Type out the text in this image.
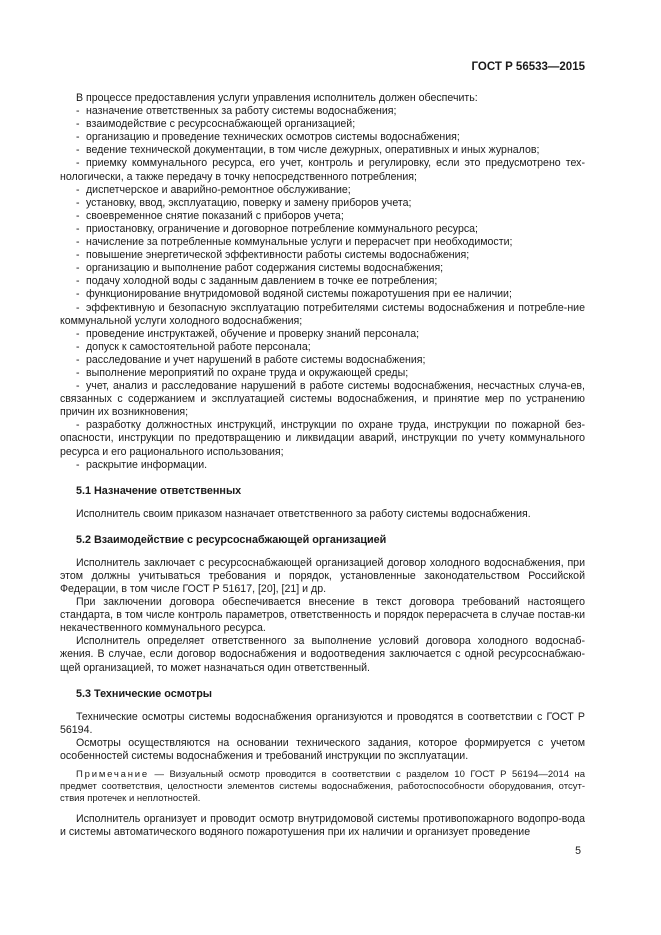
ГОСТ Р 56533—2015

В процессе предоставления услуги управления исполнитель должен обеспечить:

- назначение ответственных за работу системы водоснабжения;

- взаимодействие с ресурсоснабжающей организацией;

- организацию и проведение технических осмотров системы водоснабжения;

- ведение технической документации, в том числе дежурных, оперативных и иных журналов;

- приемку коммунального ресурса, его учет, контроль и регулировку, если это предусмотрено тех-нологически, а также передачу в точку непосредственного потребления;

- диспетчерское и аварийно-ремонтное обслуживание;

- установку, ввод, эксплуатацию, поверку и замену приборов учета;

- своевременное снятие показаний с приборов учета;

- приостановку, ограничение и договорное потребление коммунального ресурса;

- начисление за потребленные коммунальные услуги и перерасчет при необходимости;

- повышение энергетической эффективности работы системы водоснабжения;

- организацию и выполнение работ содержания системы водоснабжения;

- подачу холодной воды с заданным давлением в точке ее потребления;

- функционирование внутридомовой водяной системы пожаротушения при ее наличии;

- эффективную и безопасную эксплуатацию потребителями системы водоснабжения и потребле-ние коммунальной услуги холодного водоснабжения;

- проведение инструктажей, обучение и проверку знаний персонала;

- допуск к самостоятельной работе персонала;

- расследование и учет нарушений в работе системы водоснабжения;

- выполнение мероприятий по охране труда и окружающей среды;

- учет, анализ и расследование нарушений в работе системы водоснабжения, несчастных случа-ев, связанных с содержанием и эксплуатацией системы водоснабжения, и принятие мер по устранению причин их возникновения;

- разработку должностных инструкций, инструкции по охране труда, инструкции по пожарной без-опасности, инструкции по предотвращению и ликвидации аварий, инструкции по учету коммунального ресурса и его рационального использования;

- раскрытие информации.

5.1 Назначение ответственных

Исполнитель своим приказом назначает ответственного за работу системы водоснабжения.

5.2 Взаимодействие с ресурсоснабжающей организацией

Исполнитель заключает с ресурсоснабжающей организацией договор холодного водоснабжения, при этом должны учитываться требования и порядок, установленные законодательством Российской Федерации, в том числе ГОСТ Р 51617, [20], [21] и др.

При заключении договора обеспечивается внесение в текст договора требований настоящего стандарта, в том числе контроль параметров, ответственность и порядок перерасчета в случае постав-ки некачественного коммунального ресурса.

Исполнитель определяет ответственного за выполнение условий договора холодного водоснаб-жения. В случае, если договор водоснабжения и водоотведения заключается с одной ресурсоснабжаю-щей организацией, то может назначаться один ответственный.

5.3 Технические осмотры

Технические осмотры системы водоснабжения организуются и проводятся в соответствии с ГОСТ Р 56194.

Осмотры осуществляются на основании технического задания, которое формируется с учетом особенностей системы водоснабжения и требований инструкции по эксплуатации.

Примечание — Визуальный осмотр проводится в соответствии с разделом 10 ГОСТ Р 56194—2014 на предмет соответствия, целостности элементов системы водоснабжения, работоспособности оборудования, отсут-ствия протечек и неплотностей.

Исполнитель организует и проводит осмотр внутридомовой системы противопожарного водопро-вода и системы автоматического водяного пожаротушения при их наличии и организует проведение

5
